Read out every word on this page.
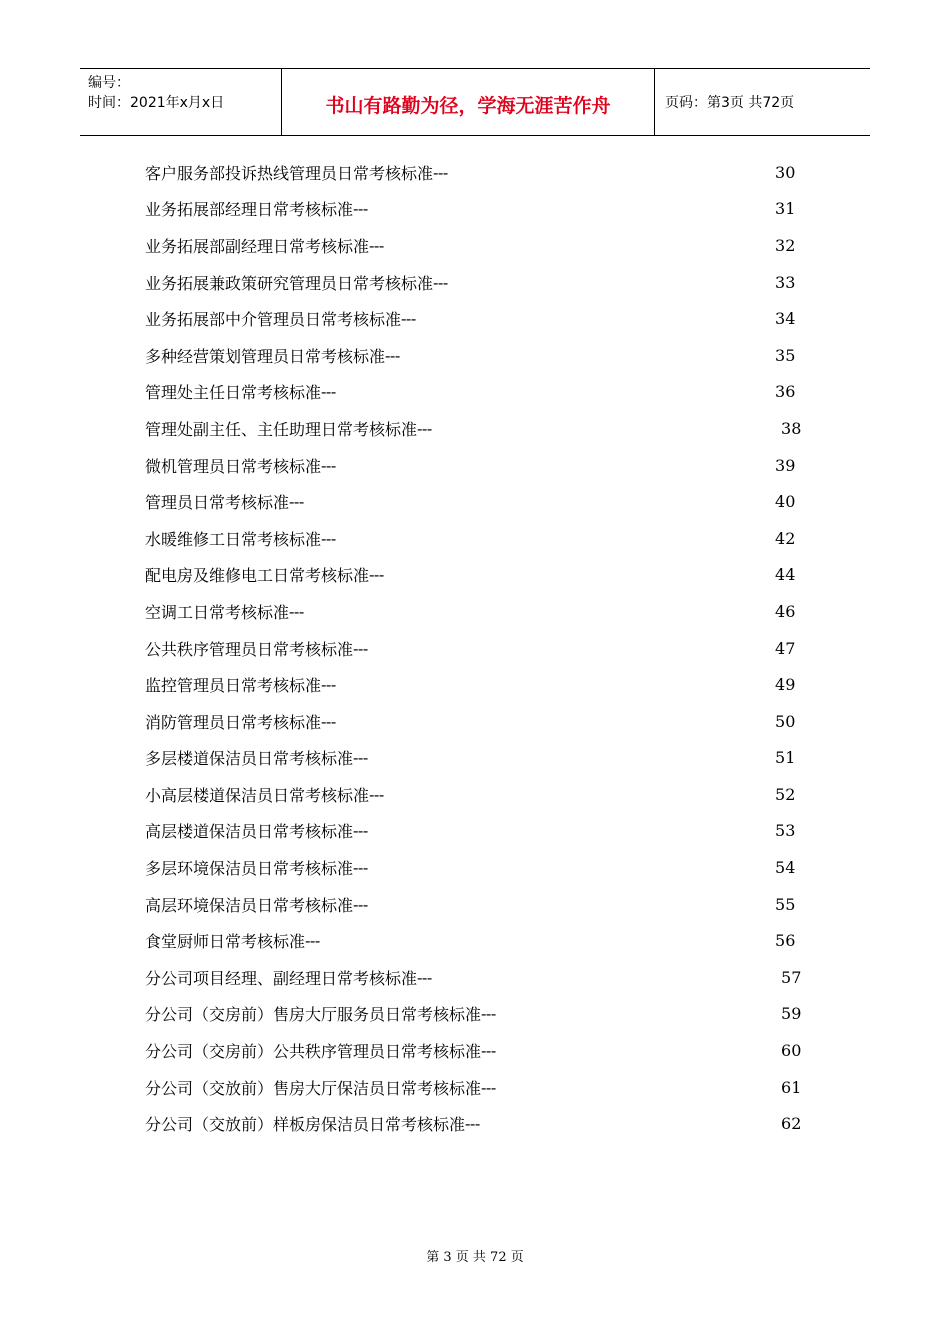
编号：
时间：2021年x月x日	书山有路勤为径，学海无涯苦作舟	页码：第3页 共72页
客户服务部投诉热线管理员日常考核标准 ---	30
业务拓展部经理日常考核标准 ---	31
业务拓展部副经理日常考核标准 ---	32
业务拓展兼政策研究管理员日常考核标准 ---	33
业务拓展部中介管理员日常考核标准 ---	34
多种经营策划管理员日常考核标准 ---	35
管理处主任日常考核标准 ---	36
管理处副主任、主任助理日常考核标准 ---	38
微机管理员日常考核标准 ---	39
管理员日常考核标准 ---	40
水暖维修工日常考核标准 ---	42
配电房及维修电工日常考核标准 ---	44
空调工日常考核标准 ---	46
公共秩序管理员日常考核标准 ---	47
监控管理员日常考核标准 ---	49
消防管理员日常考核标准 ---	50
多层楼道保洁员日常考核标准 ---	51
小高层楼道保洁员日常考核标准 ---	52
高层楼道保洁员日常考核标准 ---	53
多层环境保洁员日常考核标准 ---	54
高层环境保洁员日常考核标准 ---	55
食堂厨师日常考核标准 ---	56
分公司项目经理、副经理日常考核标准 ---	57
分公司（交房前）售房大厅服务员日常考核标准 ---	59
分公司（交房前）公共秩序管理员日常考核标准 ---	60
分公司（交放前）售房大厅保洁员日常考核标准 ---	61
分公司（交放前）样板房保洁员日常考核标准 ---	62
第 3 页 共 72 页
